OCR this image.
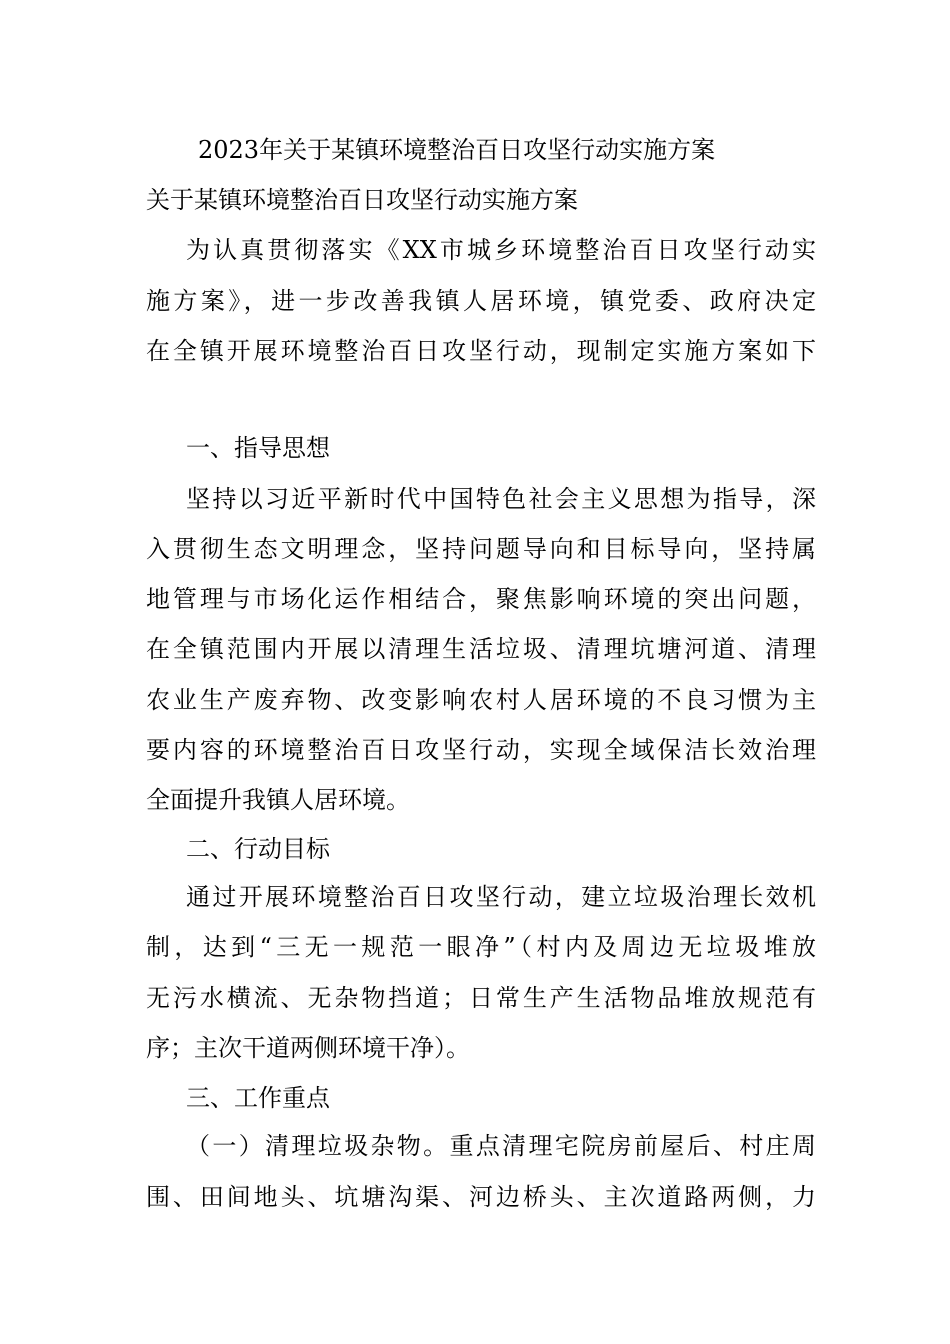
2023年关于某镇环境整治百日攻坚行动实施方案
关于某镇环境整治百日攻坚行动实施方案
为认真贯彻落实《XX市城乡环境整治百日攻坚行动实
施方案》，进一步改善我镇人居环境，镇党委、政府决定
在全镇开展环境整治百日攻坚行动，现制定实施方案如下
一、指导思想
坚持以习近平新时代中国特色社会主义思想为指导，深
入贯彻生态文明理念，坚持问题导向和目标导向，坚持属
地管理与市场化运作相结合，聚焦影响环境的突出问题，
在全镇范围内开展以清理生活垃圾、清理坑塘河道、清理
农业生产废弃物、改变影响农村人居环境的不良习惯为主
要内容的环境整治百日攻坚行动，实现全域保洁长效治理
全面提升我镇人居环境。
二、行动目标
通过开展环境整治百日攻坚行动，建立垃圾治理长效机
制，达到“三无一规范一眼净”（村内及周边无垃圾堆放
无污水横流、无杂物挡道；日常生产生活物品堆放规范有
序；主次干道两侧环境干净）。
三、工作重点
（一）清理垃圾杂物。重点清理宅院房前屋后、村庄周
围、田间地头、坑塘沟渠、河边桥头、主次道路两侧，力
